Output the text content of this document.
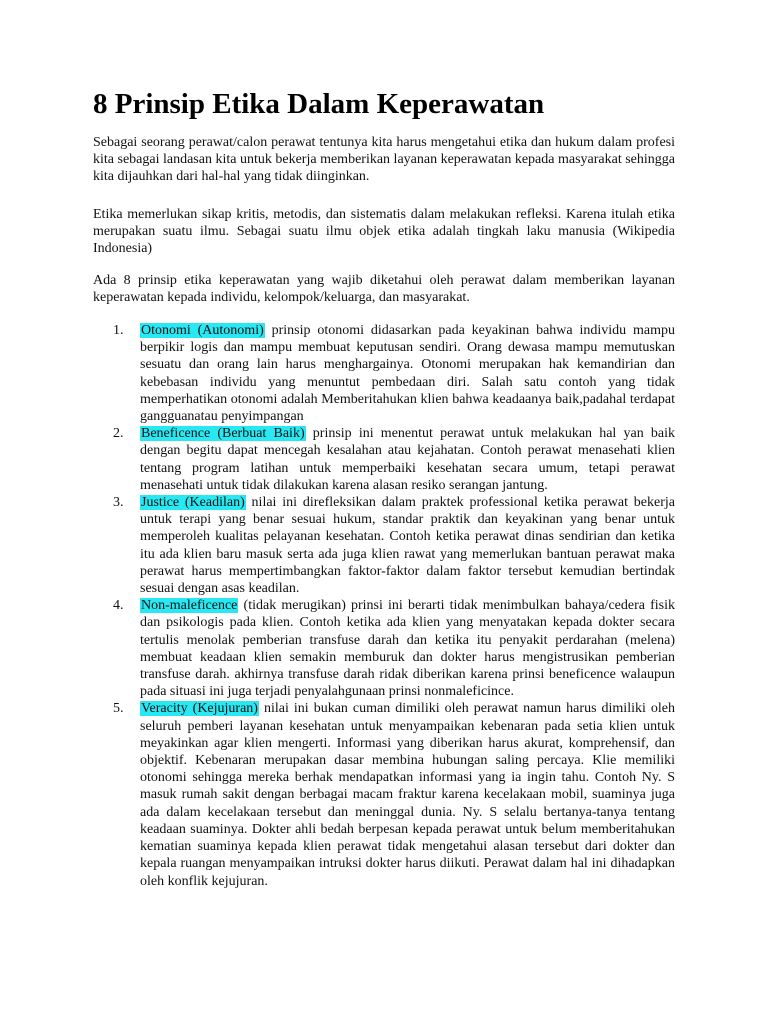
8 Prinsip Etika Dalam Keperawatan

Sebagai seorang perawat/calon perawat tentunya kita harus mengetahui etika dan hukum dalam profesi kita sebagai landasan kita untuk bekerja memberikan layanan keperawatan kepada masyarakat sehingga kita dijauhkan dari hal-hal yang tidak diinginkan.

Etika memerlukan sikap kritis, metodis, dan sistematis dalam melakukan refleksi. Karena itulah etika merupakan suatu ilmu. Sebagai suatu ilmu objek etika adalah tingkah laku manusia (Wikipedia Indonesia)

Ada 8 prinsip etika keperawatan yang wajib diketahui oleh perawat dalam memberikan layanan keperawatan kepada individu, kelompok/keluarga, dan masyarakat.

1. Otonomi (Autonomi) prinsip otonomi didasarkan pada keyakinan bahwa individu mampu berpikir logis dan mampu membuat keputusan sendiri. Orang dewasa mampu memutuskan sesuatu dan orang lain harus menghargainya. Otonomi merupakan hak kemandirian dan kebebasan individu yang menuntut pembedaan diri. Salah satu contoh yang tidak memperhatikan otonomi adalah Memberitahukan klien bahwa keadaanya baik,padahal terdapat gangguanatau penyimpangan
2. Beneficence (Berbuat Baik) prinsip ini menentut perawat untuk melakukan hal yan baik dengan begitu dapat mencegah kesalahan atau kejahatan. Contoh perawat menasehati klien tentang program latihan untuk memperbaiki kesehatan secara umum, tetapi perawat menasehati untuk tidak dilakukan karena alasan resiko serangan jantung.
3. Justice (Keadilan) nilai ini direfleksikan dalam praktek professional ketika perawat bekerja untuk terapi yang benar sesuai hukum, standar praktik dan keyakinan yang benar untuk memperoleh kualitas pelayanan kesehatan. Contoh ketika perawat dinas sendirian dan ketika itu ada klien baru masuk serta ada juga klien rawat yang memerlukan bantuan perawat maka perawat harus mempertimbangkan faktor-faktor dalam faktor tersebut kemudian bertindak sesuai dengan asas keadilan.
4. Non-maleficence (tidak merugikan) prinsi ini berarti tidak menimbulkan bahaya/cedera fisik dan psikologis pada klien. Contoh ketika ada klien yang menyatakan kepada dokter secara tertulis menolak pemberian transfuse darah dan ketika itu penyakit perdarahan (melena) membuat keadaan klien semakin memburuk dan dokter harus mengistrusikan pemberian transfuse darah. akhirnya transfuse darah ridak diberikan karena prinsi beneficence walaupun pada situasi ini juga terjadi penyalahgunaan prinsi nonmaleficince.
5. Veracity (Kejujuran) nilai ini bukan cuman dimiliki oleh perawat namun harus dimiliki oleh seluruh pemberi layanan kesehatan untuk menyampaikan kebenaran pada setia klien untuk meyakinkan agar klien mengerti. Informasi yang diberikan harus akurat, komprehensif, dan objektif. Kebenaran merupakan dasar membina hubungan saling percaya. Klie memiliki otonomi sehingga mereka berhak mendapatkan informasi yang ia ingin tahu. Contoh Ny. S masuk rumah sakit dengan berbagai macam fraktur karena kecelakaan mobil, suaminya juga ada dalam kecelakaan tersebut dan meninggal dunia. Ny. S selalu bertanya-tanya tentang keadaan suaminya. Dokter ahli bedah berpesan kepada perawat untuk belum memberitahukan kematian suaminya kepada klien perawat tidak mengetahui alasan tersebut dari dokter dan kepala ruangan menyampaikan intruksi dokter harus diikuti. Perawat dalam hal ini dihadapkan oleh konflik kejujuran.
